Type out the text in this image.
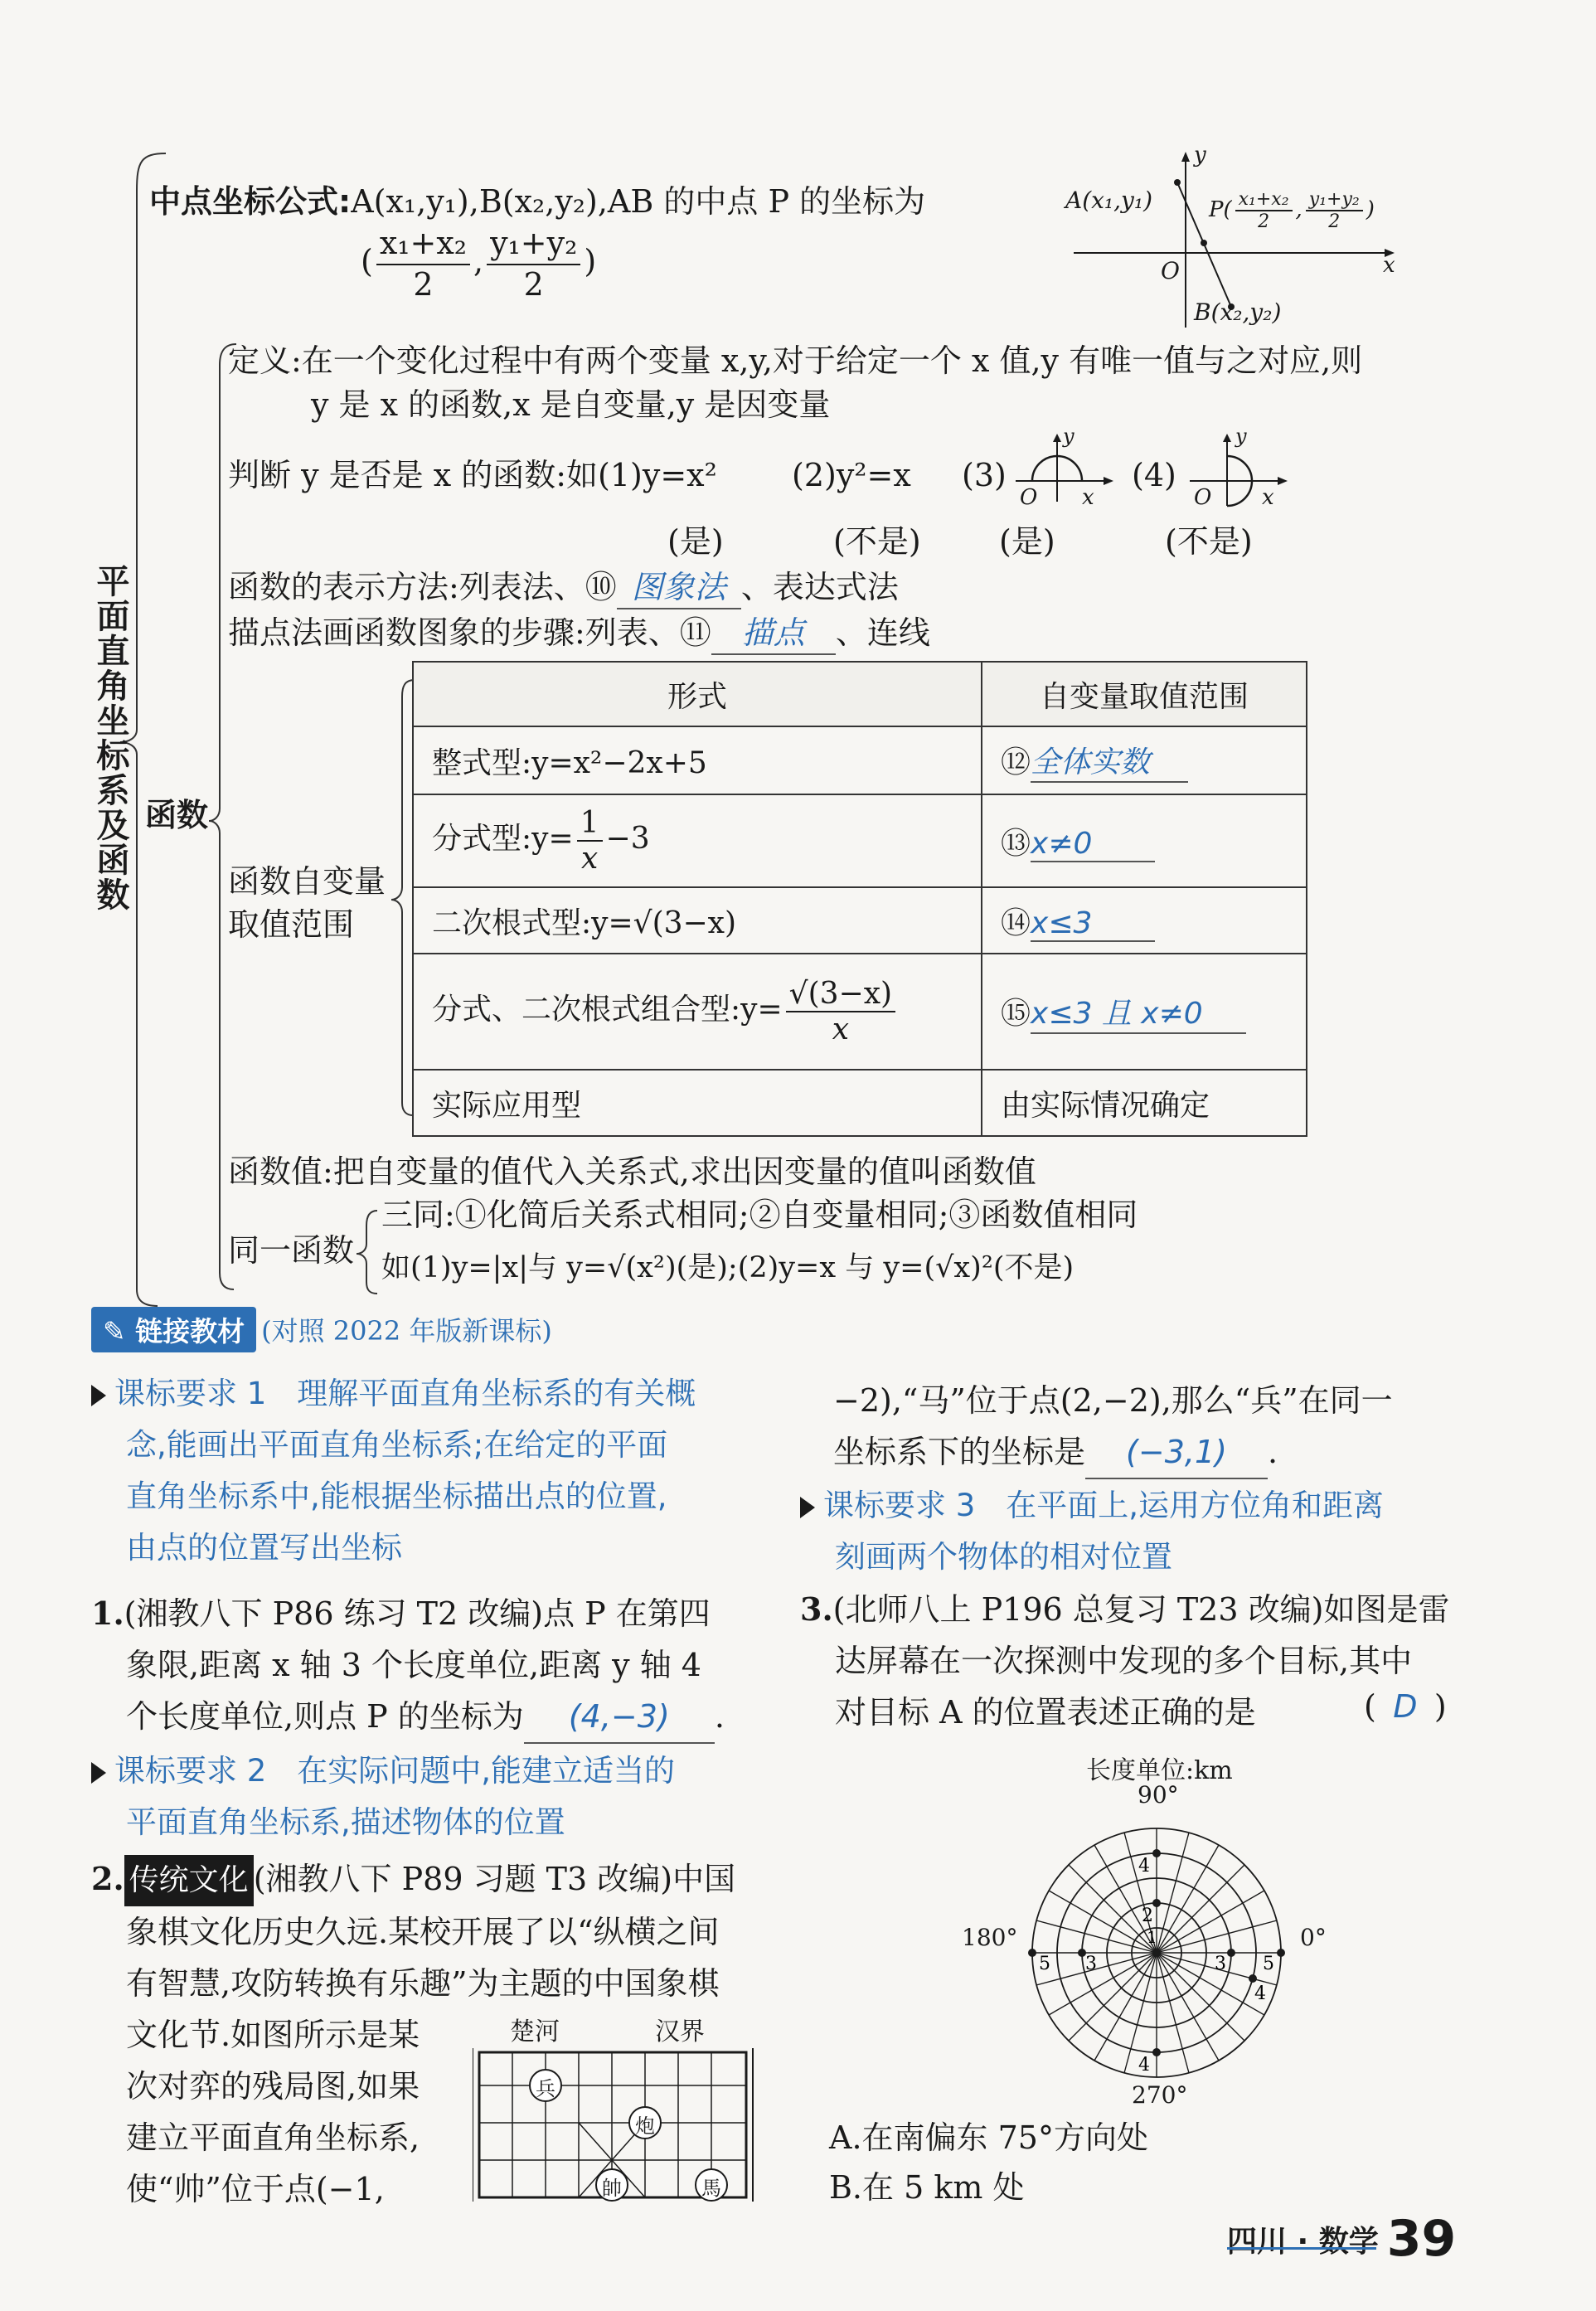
平面直角坐标系及函数
中点坐标公式:A(x₁,y₁),B(x₂,y₂),AB 的中点 P 的坐标为
( $\frac{\text{x₁+x₂}}{2}$ , $\frac{\text{y₁+y₂}}{2}$ )
y
x
O
A(x₁,y₁)
B(x₂,y₂)
$P( \frac{\text{x₁+x₂}}{2}$ , $\frac{\text{y₁+y₂}}{2}$ )
函数
定义:在一个变化过程中有两个变量 x,y,对于给定一个 x 值,y 有唯一值与之对应,则
y 是 x 的函数,x 是自变量,y 是因变量
判断 y 是否是 x 的函数:如(1)y=x² (2)y²=x (3)	(4)
y
O x
y
O x
(是)	(不是) (是)	(不是)
函数的表示方法:列表法、⑩ 图象法 、表达式法
描点法画函数图象的步骤:列表、⑪ 描点 、连线
函数自变量
取值范围
形式	自变量取值范围
整式型:y=x²−2x+5	⑫全体实数
分式型:y= $\frac{1}{x} -3$	⑬x≠0
二次根式型:y=√(3−x)	⑭x≤3
分式、二次根式组合型:y= $\frac{√(3-x)}{x}$	⑮x≤3 且 x≠0
实际应用型	由实际情况确定
函数值:把自变量的值代入关系式,求出因变量的值叫函数值
同一函数
三同:①化简后关系式相同;②自变量相同;③函数值相同
如(1)y=|x|与 y=√(x²)(是);(2)y=x 与 y=(√x)²(不是)
✎ 链接教材 (对照 2022 年版新课标)
课标要求 1　理解平面直角坐标系的有关概
念,能画出平面直角坐标系;在给定的平面
直角坐标系中,能根据坐标描出点的位置,
由点的位置写出坐标
1.(湘教八下 P86 练习 T2 改编)点 P 在第四
象限,距离 x 轴 3 个长度单位,距离 y 轴 4
个长度单位,则点 P 的坐标为 (4,−3) .
课标要求 2　在实际问题中,能建立适当的
平面直角坐标系,描述物体的位置
2. 传统文化 (湘教八下 P89 习题 T3 改编)中国
象棋文化历史久远.某校开展了以“纵横之间
有智慧,攻防转换有乐趣”为主题的中国象棋
文化节.如图所示是某
次对弈的残局图,如果
建立平面直角坐标系,
使“帅”位于点(−1,
楚河	汉界
兵
炮
帥	馬
−2),“马”位于点(2,−2),那么“兵”在同一
坐标系下的坐标是 (−3,1) .
课标要求 3　在平面上,运用方位角和距离
刻画两个物体的相对位置
3.(北师八上 P196 总复习 T23 改编)如图是雷
达屏幕在一次探测中发现的多个目标,其中
对目标 A 的位置表述正确的是	( D )
长度单位:km
90°
180°	0°
270°
4
2
4
5 3	3 5
4
1
A.在南偏东 75°方向处
B.在 5 km 处
四川 · 数学 39
